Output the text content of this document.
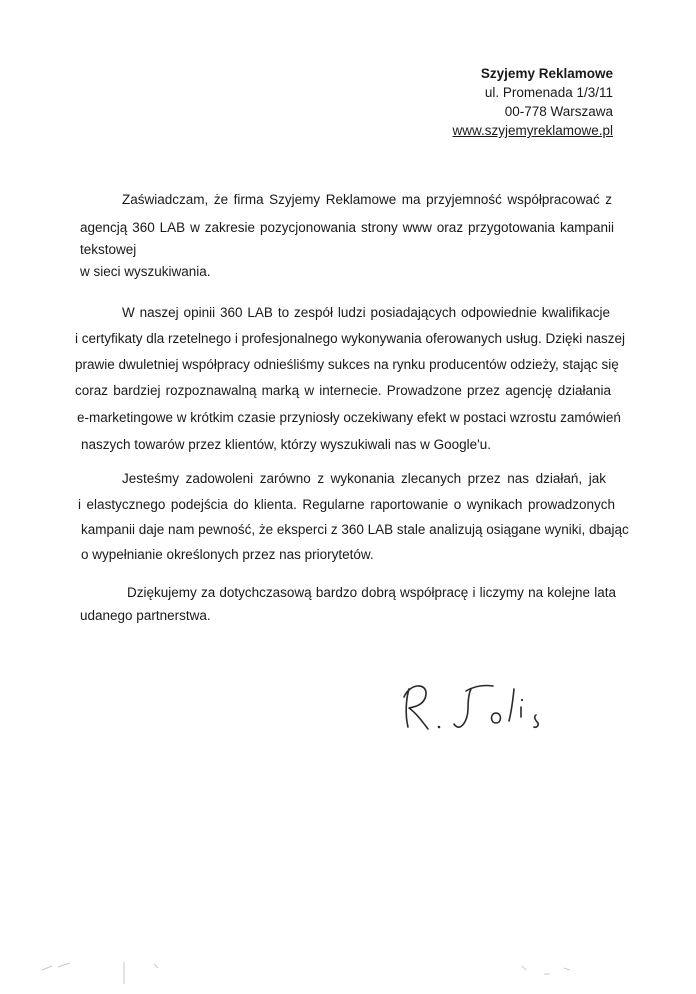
Szyjemy Reklamowe
ul. Promenada 1/3/11
00-778 Warszawa
www.szyjemyreklamowe.pl
Zaświadczam, że firma Szyjemy Reklamowe ma przyjemność współpracować z
agencją 360 LAB w zakresie pozycjonowania strony www oraz przygotowania kampanii
tekstowej
w sieci wyszukiwania.
W naszej opinii 360 LAB to zespół ludzi posiadających odpowiednie kwalifikacje
i certyfikaty dla rzetelnego i profesjonalnego wykonywania oferowanych usług. Dzięki naszej
prawie dwuletniej współpracy odnieśliśmy sukces na rynku producentów odzieży, stając się
coraz bardziej rozpoznawalną marką w internecie. Prowadzone przez agencję działania
e-marketingowe w krótkim czasie przyniosły oczekiwany efekt w postaci wzrostu zamówień
naszych towarów przez klientów, którzy wyszukiwali nas w Google'u.
Jesteśmy zadowoleni zarówno z wykonania zlecanych przez nas działań, jak
i elastycznego podejścia do klienta. Regularne raportowanie o wynikach prowadzonych
kampanii daje nam pewność, że eksperci z 360 LAB stale analizują osiągane wyniki, dbając
o wypełnianie określonych przez nas priorytetów.
Dziękujemy za dotychczasową bardzo dobrą współpracę i liczymy na kolejne lata
udanego partnerstwa.
